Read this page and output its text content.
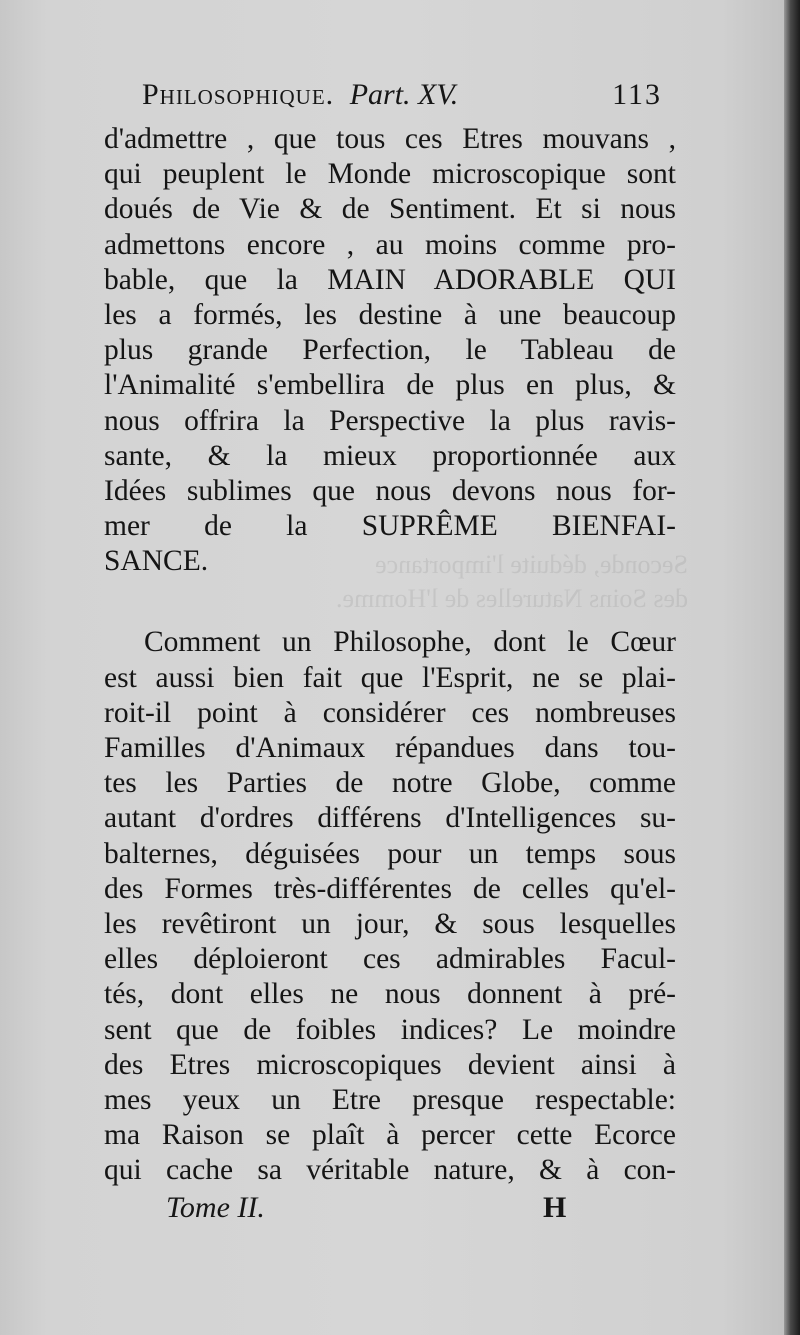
Philosophique. Part. XV.	113
Seconde, déduite l'importance
des Soins Naturelles de l'Homme.
d'admettre , que tous ces Etres mouvans ,
qui peuplent le Monde microscopique sont
doués de Vie & de Sentiment. Et si nous
admettons encore , au moins comme pro-
bable, que la MAIN ADORABLE QUI
les a formés, les destine à une beaucoup
plus grande Perfection, le Tableau de
l'Animalité s'embellira de plus en plus, &
nous offrira la Perspective la plus ravis-
sante, & la mieux proportionnée aux
Idées sublimes que nous devons nous for-
mer de la SUPRÊME BIENFAI-
SANCE.
Comment un Philosophe, dont le Cœur
est aussi bien fait que l'Esprit, ne se plai-
roit-il point à considérer ces nombreuses
Familles d'Animaux répandues dans tou-
tes les Parties de notre Globe, comme
autant d'ordres différens d'Intelligences su-
balternes, déguisées pour un temps sous
des Formes très-différentes de celles qu'el-
les revêtiront un jour, & sous lesquelles
elles déploieront ces admirables Facul-
tés, dont elles ne nous donnent à pré-
sent que de foibles indices? Le moindre
des Etres microscopiques devient ainsi à
mes yeux un Etre presque respectable:
ma Raison se plaît à percer cette Ecorce
qui cache sa véritable nature, & à con-
Tome II.	H
